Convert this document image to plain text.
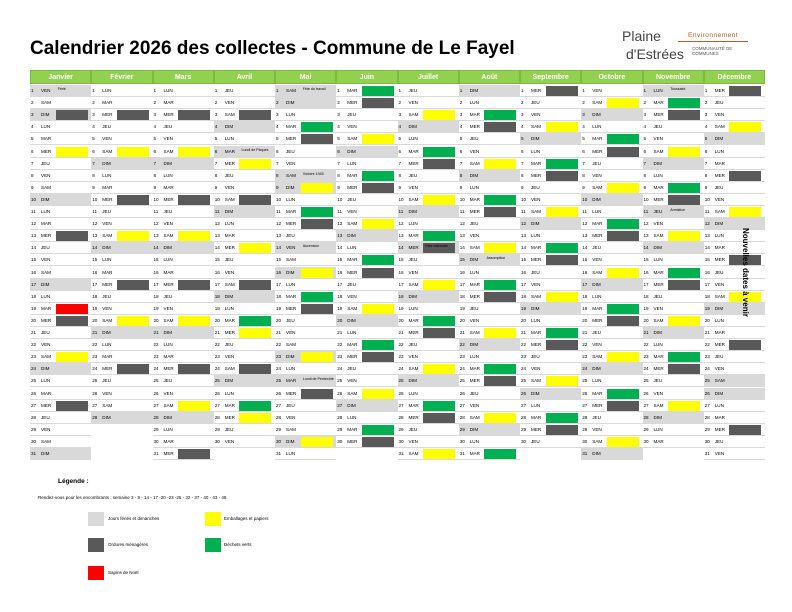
Calendrier 2026 des collectes - Commune de Le Fayel
Plaine
d'Estrées
Environnement
COMMUNAUTÉ DE COMMUNES
Janvier
1	VEN Férié
2	SAM
3	DIM
4	LUN
5	MAR
6	MER
7	JEU
8	VEN
9	SAM
10	DIM
11	LUN
12	MAR
13	MER
14	JEU
15	VEN
16	SAM
17	DIM
18	LUN
19	MAR
20	MER
21	JEU
22	VEN
23	SAM
24	DIM
25	LUN
26	MAR
27	MER
28	JEU
29	VEN
30	SAM
31	DIM
Février
1	LUN
2	MAR
3	MER
4	JEU
5	VEN
6	SAM
7	DIM
8	LUN
9	MAR
10	MER
11	JEU
12	VEN
13	SAM
14	DIM
15	LUN
16	MAR
17	MER
18	JEU
19	VEN
20	SAM
21	DIM
22	LUN
23	MAR
24	MER
25	JEU
26	VEN
27	SAM
28	DIM
Mars
1	LUN
2	MAR
3	MER
4	JEU
5	VEN
6	SAM
7	DIM
8	LUN
9	MAR
10	MER
11	JEU
12	VEN
13	SAM
14	DIM
15	LUN
16	MAR
17	MER
18	JEU
19	VEN
20	SAM
21	DIM
22	LUN
23	MAR
24	MER
25	JEU
26	VEN
27	SAM
28	DIM
29	LUN
30	MAR
31	MER
Avril
1	JEU
2	VEN
3	SAM
4	DIM
5	LUN
6	MAR Lundi de Pâques
7	MER
8	JEU
9	VEN
10	SAM
11	DIM
12	LUN
13	MAR
14	MER
15	JEU
16	VEN
17	SAM
18	DIM
19	LUN
20	MAR
21	MER
22	JEU
23	VEN
24	SAM
25	DIM
26	LUN
27	MAR
28	MER
29	JEU
30	VEN
Mai
1	SAM Fête du travail
2	DIM
3	LUN
4	MAR
5	MER
6	JEU
7	VEN
8	SAM Victoire 1945
9	DIM
10	LUN
11	MAR
12	MER
13	JEU
14	VEN Ascension
15	SAM
16	DIM
17	LUN
18	MAR
19	MER
20	JEU
21	VEN
22	SAM
23	DIM
24	LUN
25	MAR Lundi de Pentecôte
26	MER
27	JEU
28	VEN
29	SAM
30	DIM
31	LUN
Juin
1	MAR
2	MER
3	JEU
4	VEN
5	SAM
6	DIM
7	LUN
8	MAR
9	MER
10	JEU
11	VEN
12	SAM
13	DIM
14	LUN
15	MAR
16	MER
17	JEU
18	VEN
19	SAM
20	DIM
21	LUN
22	MAR
23	MER
24	JEU
25	VEN
26	SAM
27	DIM
28	LUN
29	MAR
30	MER
Juillet
1	JEU
2	VEN
3	SAM
4	DIM
5	LUN
6	MAR
7	MER
8	JEU
9	VEN
10	SAM
11	DIM
12	LUN
13	MAR
14	MER Fête nationale
15	JEU
16	VEN
17	SAM
18	DIM
19	LUN
20	MAR
21	MER
22	JEU
23	VEN
24	SAM
25	DIM
26	LUN
27	MAR
28	MER
29	JEU
30	VEN
31	SAM
Août
1	DIM
2	LUN
3	MAR
4	MER
5	JEU
6	VEN
7	SAM
8	DIM
9	LUN
10	MAR
11	MER
12	JEU
13	VEN
14	SAM
15	DIM Assomption
16	LUN
17	MAR
18	MER
19	JEU
20	VEN
21	SAM
22	DIM
23	LUN
24	MAR
25	MER
26	JEU
27	VEN
28	SAM
29	DIM
30	LUN
31	MAR
Septembre
1	MER
2	JEU
3	VEN
4	SAM
5	DIM
6	LUN
7	MAR
8	MER
9	JEU
10	VEN
11	SAM
12	DIM
13	LUN
14	MAR
15	MER
16	JEU
17	VEN
18	SAM
19	DIM
20	LUN
21	MAR
22	MER
23	JEU
24	VEN
25	SAM
26	DIM
27	LUN
28	MAR
29	MER
30	JEU
Octobre
1	VEN
2	SAM
3	DIM
4	LUN
5	MAR
6	MER
7	JEU
8	VEN
9	SAM
10	DIM
11	LUN
12	MAR
13	MER
14	JEU
15	VEN
16	SAM
17	DIM
18	LUN
19	MAR
20	MER
21	JEU
22	VEN
23	SAM
24	DIM
25	LUN
26	MAR
27	MER
28	JEU
29	VEN
30	SAM
31	DIM
Novembre
1	LUN Toussaint
2	MAR
3	MER
4	JEU
5	VEN
6	SAM
7	DIM
8	LUN
9	MAR
10	MER
11	JEU Armistice
12	VEN
13	SAM
14	DIM
15	LUN
16	MAR
17	MER
18	JEU
19	VEN
20	SAM
21	DIM
22	LUN
23	MAR
24	MER
25	JEU
26	VEN
27	SAM
28	DIM
29	LUN
30	MAR
Décembre
1	MER
2	JEU
3	VEN
4	SAM
5	DIM
6	LUN
7	MAR
8	MER
9	JEU
10	VEN
11	SAM
12	DIM
13	LUN
14	MAR
15	MER
16	JEU
17	VEN
18	SAM
19	DIM
20	LUN
21	MAR
22	MER
23	JEU
24	VEN
25	SAM
26	DIM
27	LUN
28	MAR
29	MER
30	JEU
31	VEN
Nouvelles dates à venir
Légende :
Rendez-vous pour les encombrants : semaine 3 - 9 - 14 - 17 -20 -23 -26 - 32 - 37 - 40 - 43 - 49
Jours fériés et dimanches	Emballages et papiers
Ordures ménagères	Déchets verts
Sapins de Noël
